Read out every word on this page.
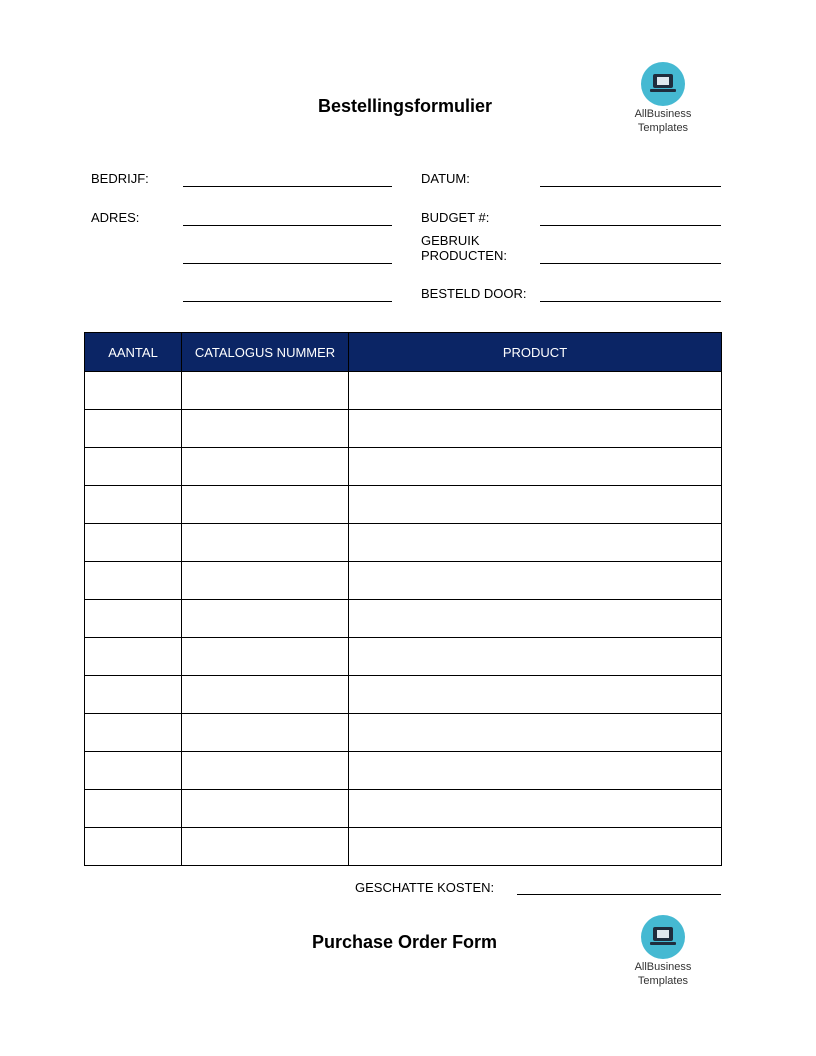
Bestellingsformulier	AllBusiness
Templates
BEDRIJF:
ADRES:
DATUM:
BUDGET #:
GEBRUIK
PRODUCTEN:
BESTELD DOOR:
AANTAL	CATALOGUS NUMMER	PRODUCT

GESCHATTE KOSTEN:
Purchase Order Form
AllBusiness
Templates
